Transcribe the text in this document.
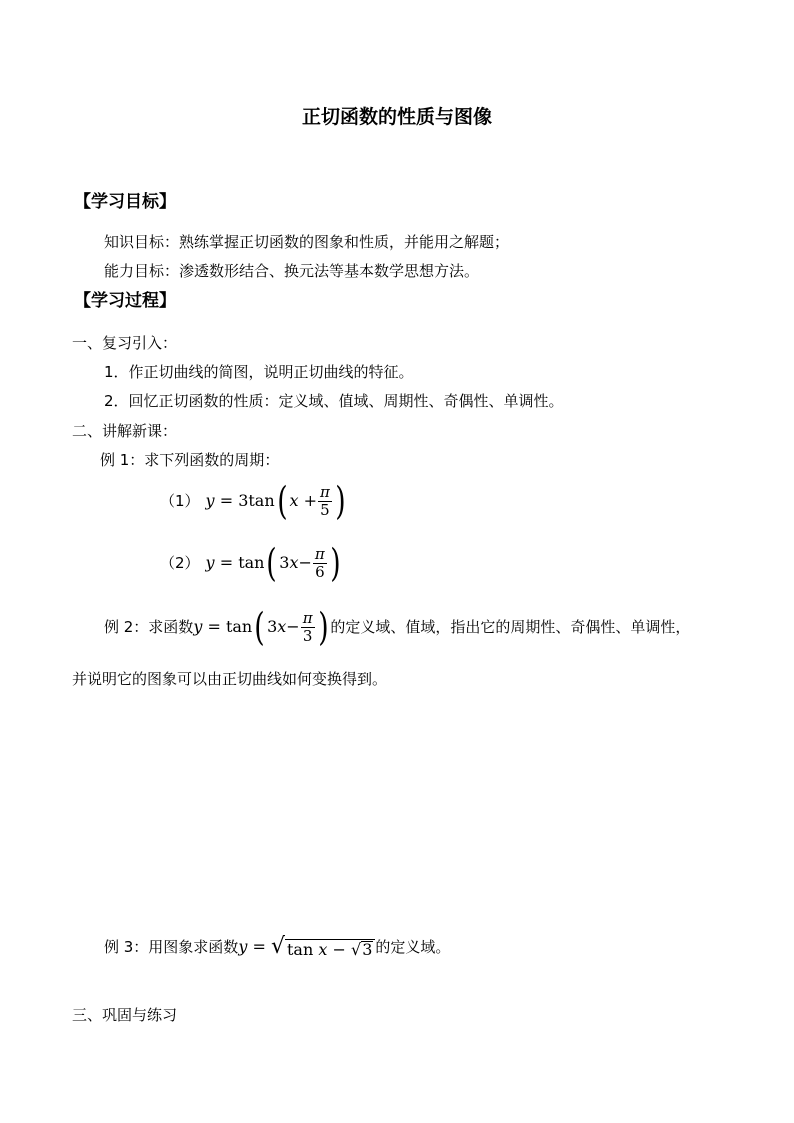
正切函数的性质与图像
【学习目标】
知识目标：熟练掌握正切函数的图象和性质，并能用之解题；
能力目标：渗透数形结合、换元法等基本数学思想方法。
【学习过程】
一、复习引入：
1．作正切曲线的简图，说明正切曲线的特征。
2．回忆正切函数的性质：定义域、值域、周期性、奇偶性、单调性。
二、讲解新课：
例 1：求下列函数的周期：
（1） y
=
3 tan ( x
+ $\frac{\pi}{5}$ )
（2） y
=
tan ( 3 $x - \frac{\pi}{6}$ )
例 2：求函数 y
=
tan ( 3 $x - \frac{\pi}{3}$ ) 的定义域、值域，指出它的周期性、奇偶性、单调性，
并说明它的图象可以由正切曲线如何变换得到。
例 3：用图象求函数 y
=
√ tan
x
−
√ 3 的定义域。
三、巩固与练习
